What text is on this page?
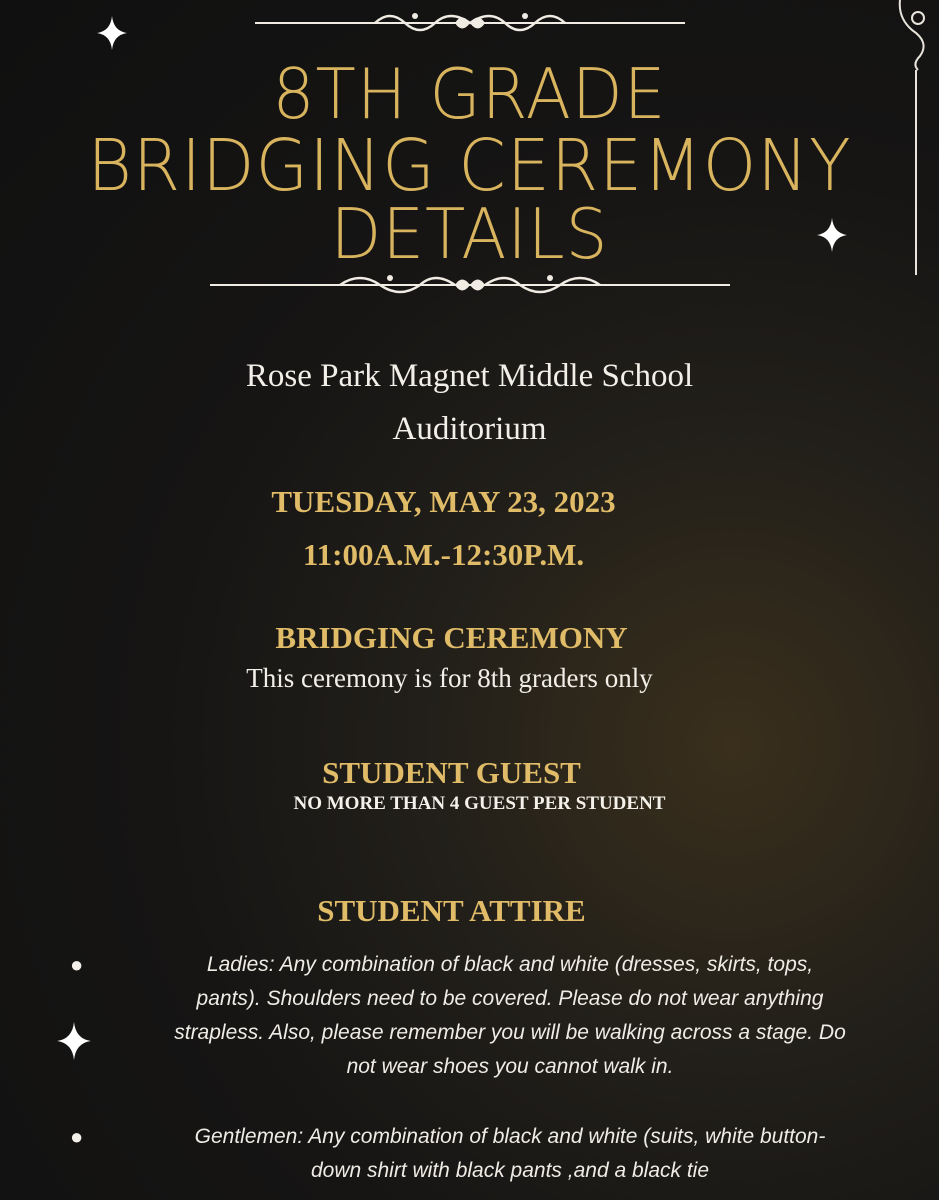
8TH GRADE
BRIDGING CEREMONY
DETAILS
Rose Park Magnet Middle School
Auditorium
TUESDAY, MAY 23, 2023
11:00A.M.-12:30P.M.
BRIDGING CEREMONY
This ceremony is for 8th graders only
STUDENT GUEST
NO MORE THAN 4 GUEST PER STUDENT
STUDENT ATTIRE
●	Ladies: Any combination of black and white (dresses, skirts, tops,
pants). Shoulders need to be covered. Please do not wear anything
strapless. Also, please remember you will be walking across a stage. Do
not wear shoes you cannot walk in.
●	Gentlemen: Any combination of black and white (suits, white button-
down shirt with black pants ,and a black tie
